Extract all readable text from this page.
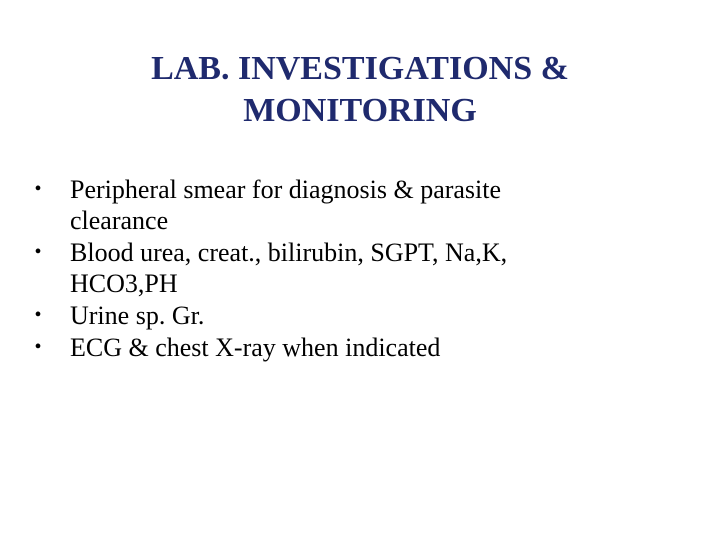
LAB. INVESTIGATIONS &
MONITORING
• Peripheral smear for diagnosis & parasite
clearance
• Blood urea, creat., bilirubin, SGPT, Na,K,
HCO3,PH
• Urine sp. Gr.
• ECG & chest X-ray when indicated
